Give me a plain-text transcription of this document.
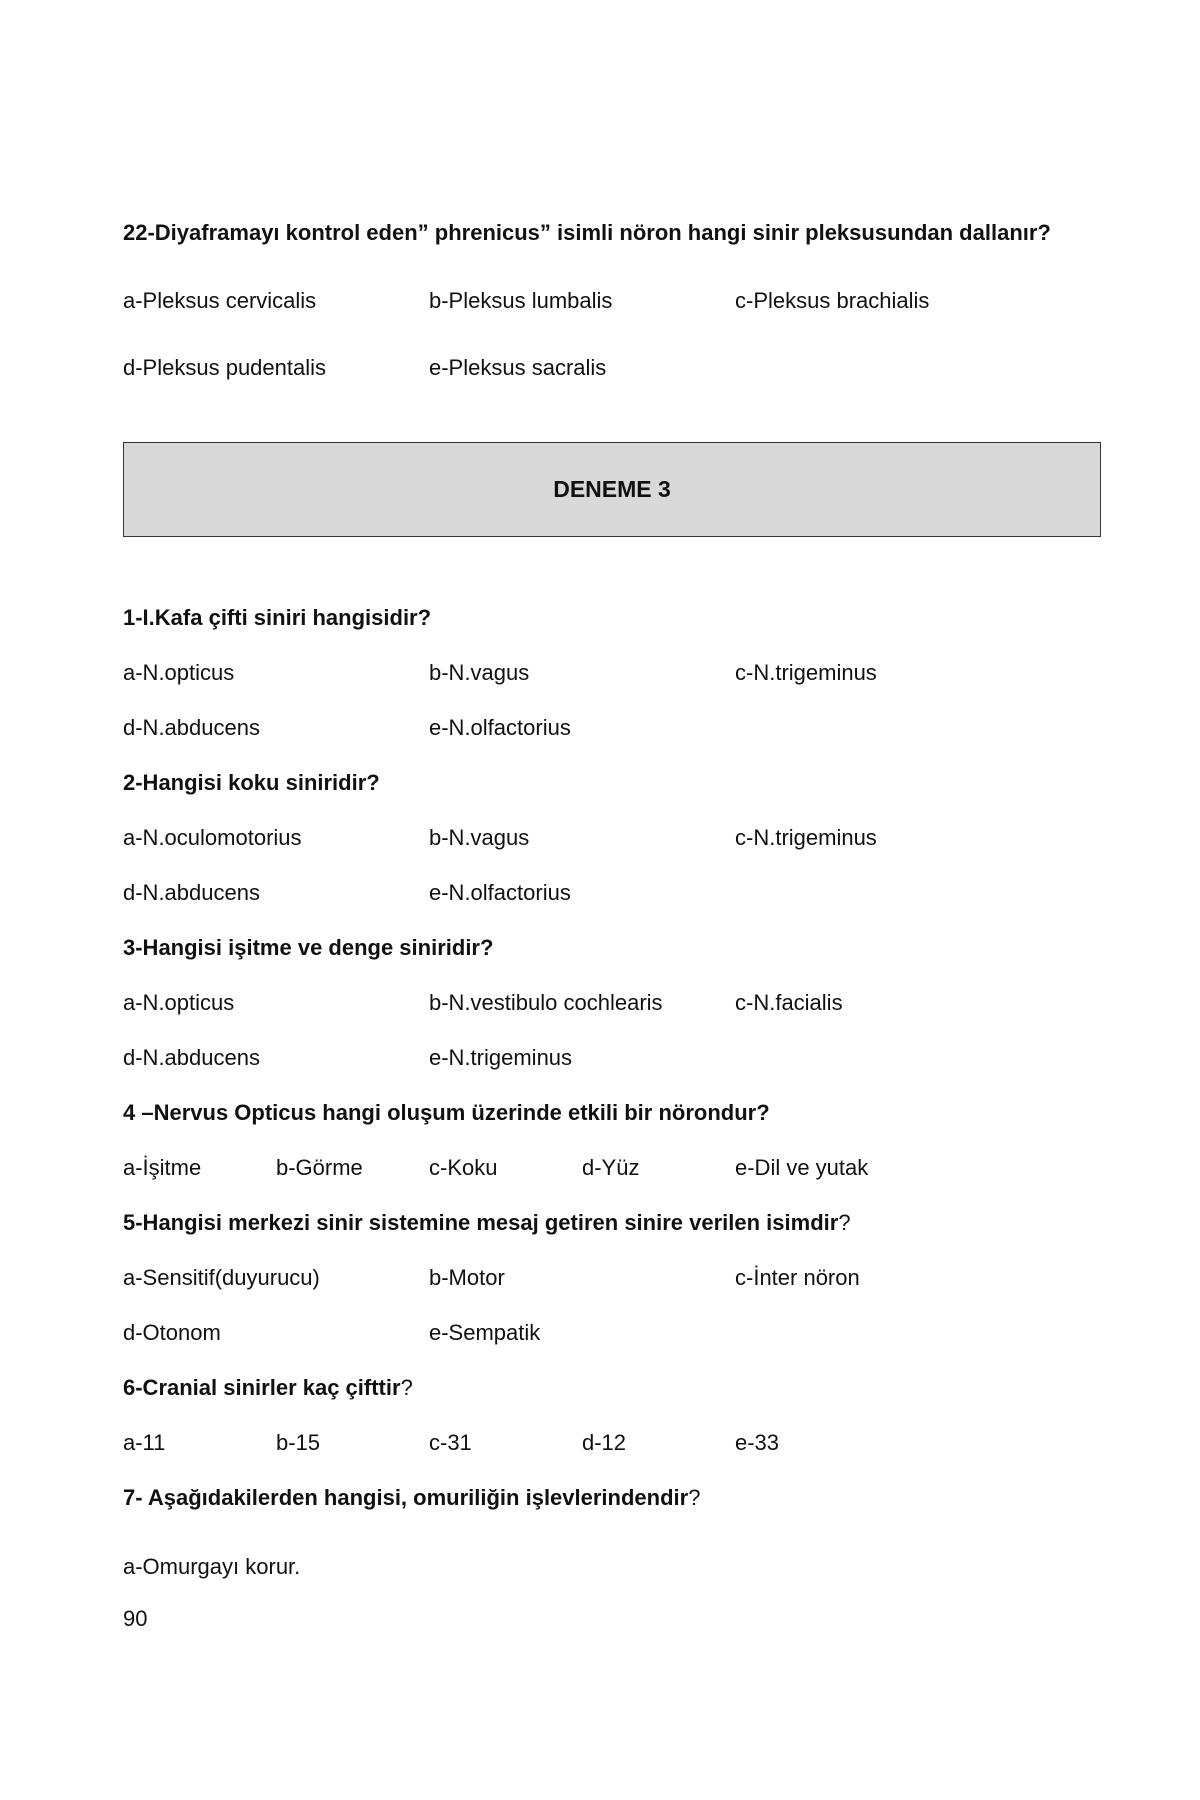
22-Diyaframayı kontrol eden” phrenicus” isimli nöron hangi sinir pleksusundan dallanır?
a-Pleksus cervicalis	b-Pleksus lumbalis	c-Pleksus brachialis
d-Pleksus pudentalis	e-Pleksus sacralis
DENEME 3
1-I.Kafa çifti siniri hangisidir?
a-N.opticus	b-N.vagus	c-N.trigeminus
d-N.abducens	e-N.olfactorius
2-Hangisi koku siniridir?
a-N.oculomotorius	b-N.vagus	c-N.trigeminus
d-N.abducens	e-N.olfactorius
3-Hangisi işitme ve denge siniridir?
a-N.opticus	b-N.vestibulo cochlearis	c-N.facialis
d-N.abducens	e-N.trigeminus
4 –Nervus Opticus hangi oluşum üzerinde etkili bir nörondur?
a-İşitme	b-Görme	c-Koku	d-Yüz	e-Dil ve yutak
5-Hangisi merkezi sinir sistemine mesaj getiren sinire verilen isimdir?
a-Sensitif(duyurucu)	b-Motor	c-İnter nöron
d-Otonom	e-Sempatik
6-Cranial sinirler kaç çifttir?
a-11	b-15	c-31	d-12	e-33
7- Aşağıdakilerden hangisi, omuriliğin işlevlerindendir?
a-Omurgayı korur.
90
